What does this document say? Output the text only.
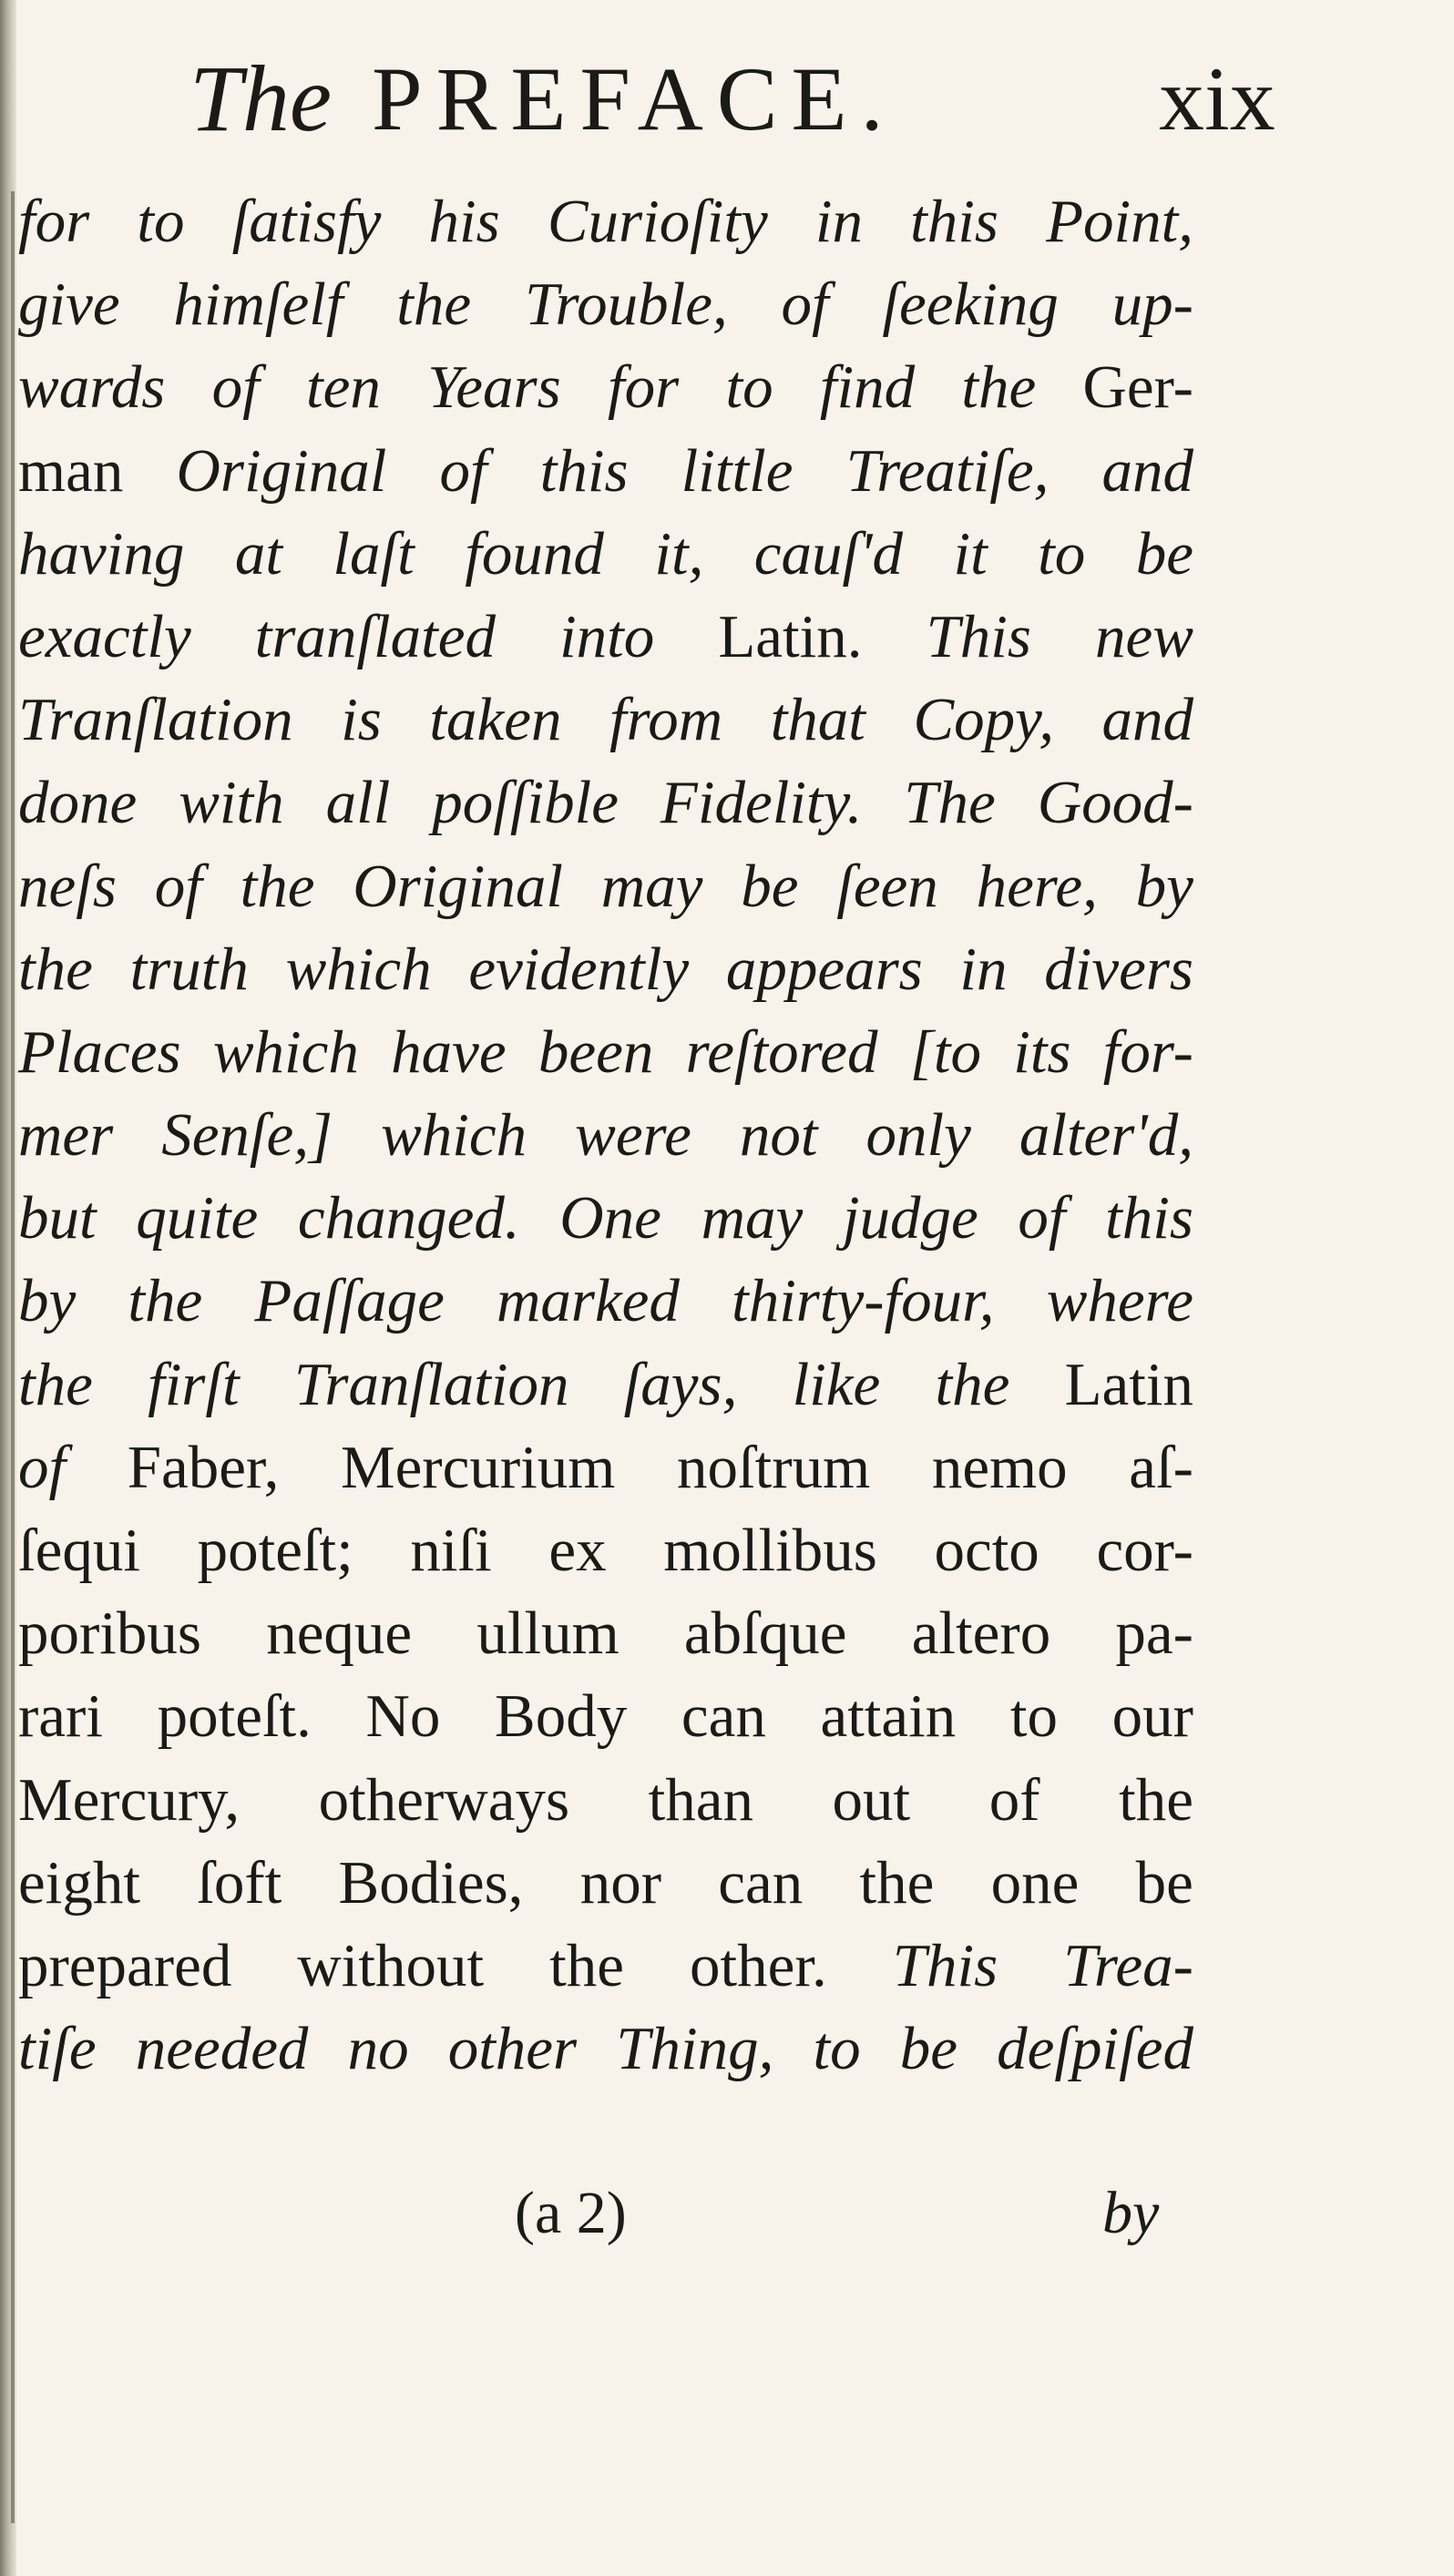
The PREFACE.	xix
for to ſatisfy his Curioſity in this Point,
give himſelf the Trouble, of ſeeking up-
wards of ten Years for to find the Ger-
man Original of this little Treatiſe, and
having at laſt found it, cauſ'd it to be
exactly tranſlated into Latin. This new
Tranſlation is taken from that Copy, and
done with all poſſible Fidelity. The Good-
neſs of the Original may be ſeen here, by
the truth which evidently appears in divers
Places which have been reſtored [to its for-
mer Senſe,] which were not only alter'd,
but quite changed. One may judge of this
by the Paſſage marked thirty-four, where
the firſt Tranſlation ſays, like the Latin
of Faber, Mercurium noſtrum nemo aſ-
ſequi poteſt; niſi ex mollibus octo cor-
poribus neque ullum abſque altero pa-
rari poteſt. No Body can attain to our
Mercury, otherways than out of the
eight ſoft Bodies, nor can the one be
prepared without the other. This Trea-
tiſe needed no other Thing, to be deſpiſed
(a 2)	by
